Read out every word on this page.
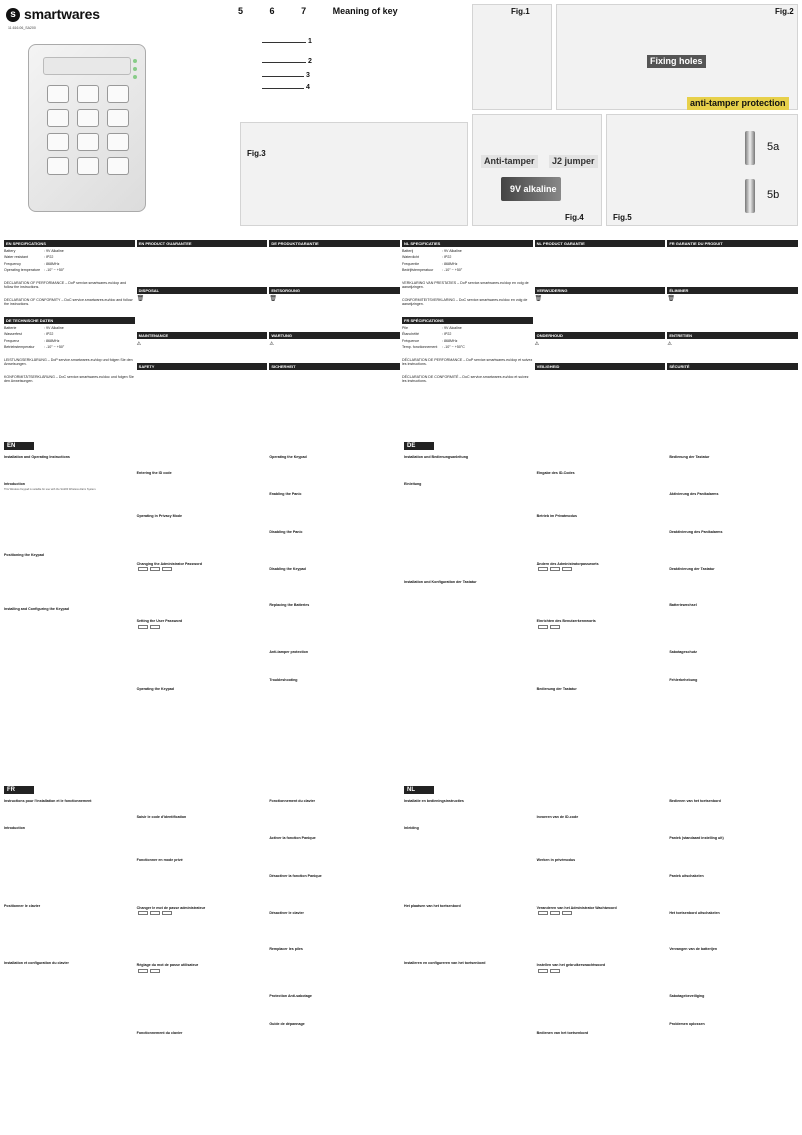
s smartwares
11.616.06_SA200
5 6 7 Meaning of key
1
2
3
4
Fig.1	Fig.2
Fixing holes
anti-tamper protection
Fig.3
Anti-tamper	J2 jumper
9V alkaline
Fig.4
5a
5b
Fig.5
EN SPECIFICATIONS
Battery	: 9V Alkaline
Water resistant	: IP22
Frequency	: 868MHz
Operating temperature	: -10° ~ +50°
DECLARATION OF PERFORMANCE – DoP service.smartwares.eu/dop and follow the instructions.
DECLARATION OF CONFORMITY – DoC service.smartwares.eu/doc and follow the instructions.
DE TECHNISCHE DATEN
Batterie	: 9V Alkaline
Wasserfest	: IP22
Frequenz	: 868MHz
Betriebstemperatur	: -10° ~ +50°
LEISTUNGSERKLÄRUNG – DoP service.smartwares.eu/dop und folgen Sie den Anweisungen.
KONFORMITÄTSERKLÄRUNG – DoC service.smartwares.eu/doc und folgen Sie den Anweisungen.
EN PRODUCT GUARANTEE
DISPOSAL
🗑
MAINTENANCE
⚠
SAFETY
DE PRODUKTGARANTIE
ENTSORGUNG
🗑
WARTUNG
⚠
SICHERHEIT
NL SPECIFICATIES
Batterij	: 9V Alkaline
Waterdicht	: IP22
Frequentie	: 868MHz
Bedrijfstemperatuur	: -10° ~ +50°
VERKLARING VAN PRESTATIES – DoP service.smartwares.eu/dop en volg de aanwijzingen.
CONFORMITEITSVERKLARING – DoC service.smartwares.eu/doc en volg de aanwijzingen.
FR SPÉCIFICATIONS
Pile	: 9V Alcaline
Étanchéité	: IP22
Fréquence	: 868MHz
Temp. fonctionnement	: -10° ~ +50°C
DÉCLARATION DE PERFORMANCE – DoP service.smartwares.eu/dop et suivez les instructions.
DÉCLARATION DE CONFORMITÉ – DoC service.smartwares.eu/doc et suivez les instructions.
NL PRODUCT GARANTIE
VERWIJDERING
🗑
ONDERHOUD
⚠
VEILIGHEID
FR GARANTIE DU PRODUIT
ÉLIMINER
🗑
ENTRETIEN
⚠
SÉCURITÉ
EN
Installation and Operating Instructions
Introduction
This Wireless Keypad is suitable for use with the SA200 Wireless Alarm System.
Positioning the Keypad
Installing and Configuring the Keypad
Entering the ID code
Operating in Privacy Mode
Changing the Administrator Password
Setting the User Password
Operating the Keypad
Operating the Keypad
Enabling the Panic
Disabling the Panic
Disabling the Keypad
Replacing the Batteries
Anti-tamper protection
Troubleshooting
DE
Installation und Bedienungsanleitung
Einleitung
Installation und Konfiguration der Tastatur
Eingabe des ID-Codes
Betrieb im Privatmodus
Ändern des Administratorpassworts
Einrichten des Benutzerkennworts
Bedienung der Tastatur
Bedienung der Tastatur
Aktivierung des Panikalarms
Deaktivierung des Panikalarms
Deaktivierung der Tastatur
Batteriewechsel
Sabotageschutz
Fehlerbehebung
FR
Instructions pour l'installation et le fonctionnement
Introduction
Positionner le clavier
Installation et configuration du clavier
Saisir le code d'identification
Fonctionner en mode privé
Changer le mot de passe administrateur
Réglage du mot de passe utilisateur
Fonctionnement du clavier
Fonctionnement du clavier
Activer la fonction Panique
Désactiver la fonction Panique
Désactiver le clavier
Remplacer les piles
Protection Anti-sabotage
Guide de dépannage
NL
Installatie en bedieningsinstructies
Inleiding
Het plaatsen van het toetsenbord
Installeren en configureren van het toetsenbord
Invoeren van de ID-code
Werken in privémodus
Veranderen van het Administrator Wachtwoord
Instellen van het gebruikerswachtwoord
Bedienen van het toetsenbord
Bedienen van het toetsenbord
Paniek (standaard instelling uit)
Paniek uitschakelen
Het toetsenbord uitschakelen
Vervangen van de batterijen
Sabotagebeveiliging
Problemen oplossen
